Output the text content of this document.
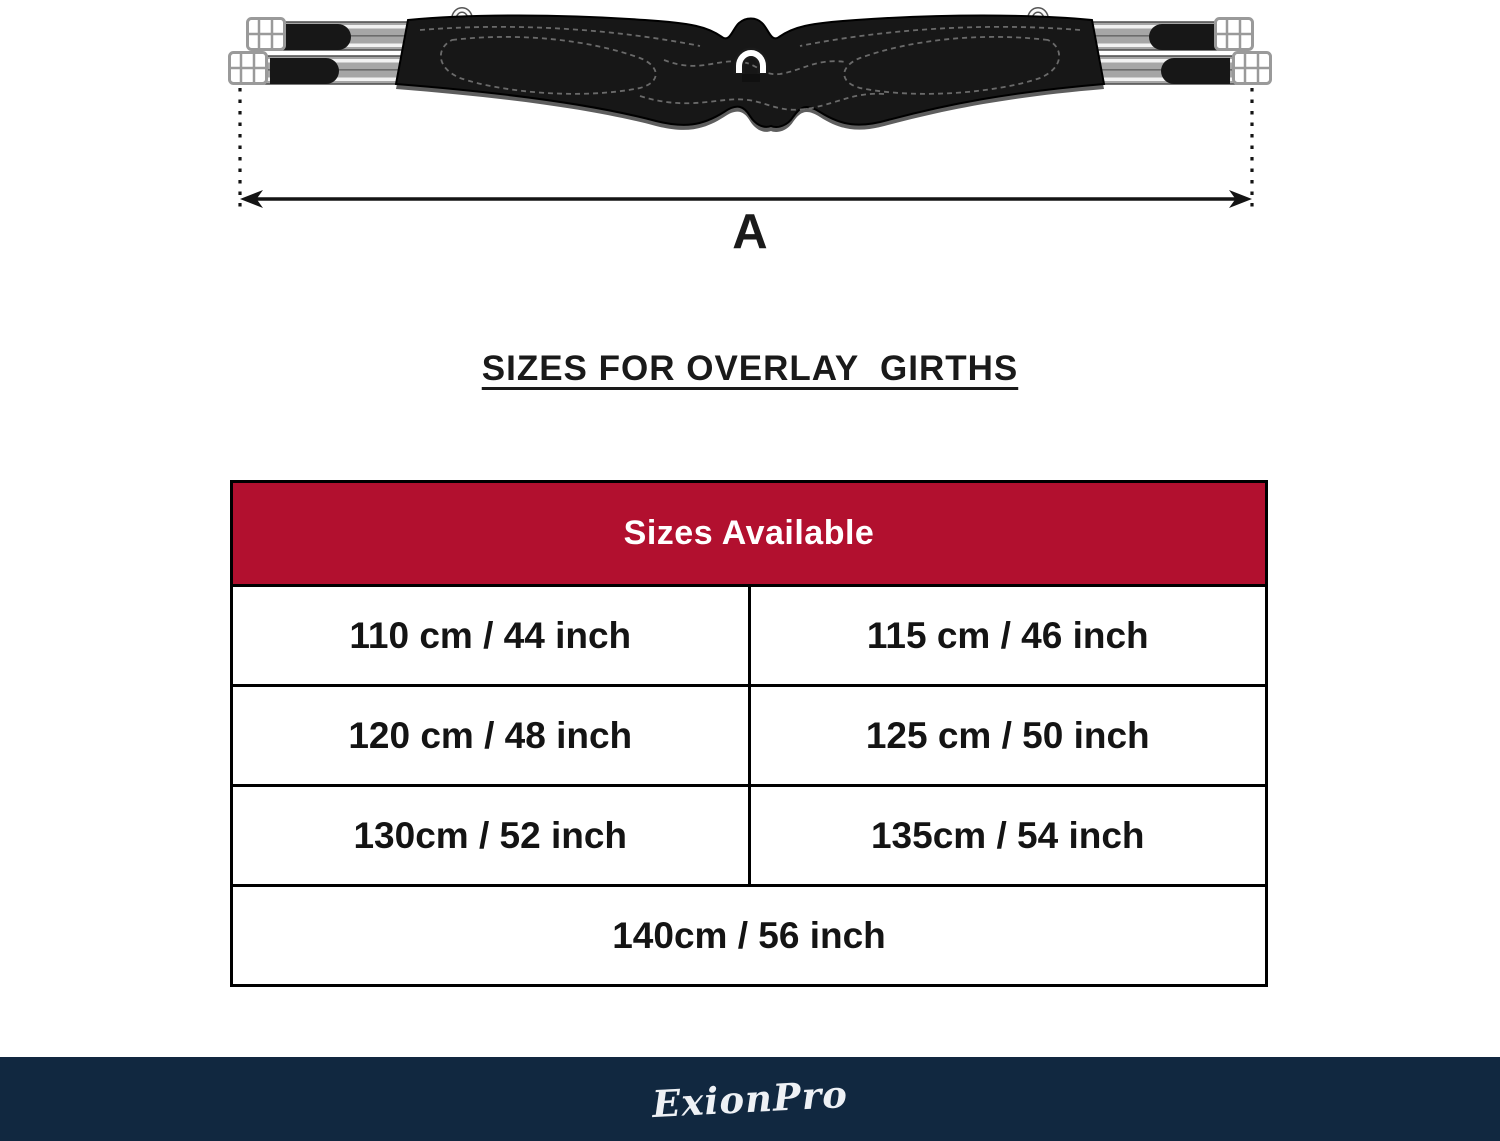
A
SIZES FOR OVERLAY  GIRTHS
Sizes Available	
110 cm / 44 inch	115 cm / 46 inch
120 cm / 48 inch	125 cm / 50 inch
130cm / 52 inch	135cm / 54 inch
140cm / 56 inch	
ExionPro
